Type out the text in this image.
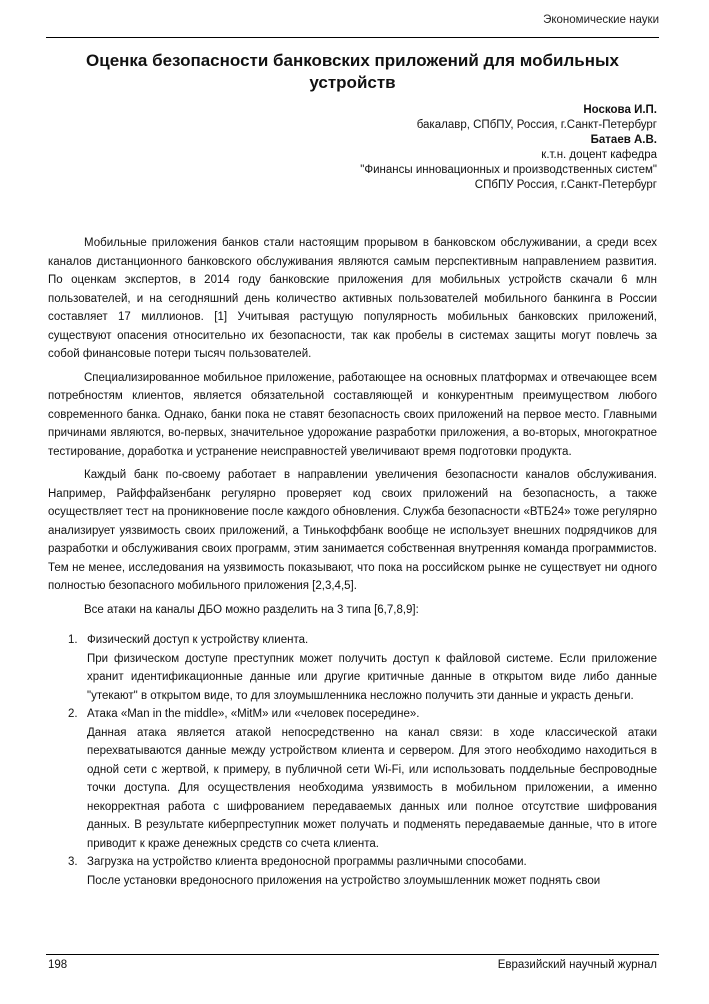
Экономические науки
Оценка безопасности банковских приложений для мобильных устройств
Носкова И.П.
бакалавр, СПбПУ, Россия, г.Санкт-Петербург
Батаев А.В.
к.т.н. доцент кафедра
"Финансы инновационных и производственных систем"
СПбПУ Россия, г.Санкт-Петербург

Мобильные приложения банков стали настоящим прорывом в банковском обслуживании, а среди всех каналов дистанционного банковского обслуживания являются самым перспективным направлением развития. По оценкам экспертов, в 2014 году банковские приложения для мобильных устройств скачали 6 млн пользователей, и на сегодняшний день количество активных пользователей мобильного банкинга в России составляет 17 миллионов. [1] Учитывая растущую популярность мобильных банковских приложений, существуют опасения относительно их безопасности, так как пробелы в системах защиты могут повлечь за собой финансовые потери тысяч пользователей.

Специализированное мобильное приложение, работающее на основных платформах и отвечающее всем потребностям клиентов, является обязательной составляющей и конкурентным преимуществом любого современного банка. Однако, банки пока не ставят безопасность своих приложений на первое место. Главными причинами являются, во-первых, значительное удорожание разработки приложения, а во-вторых, многократное тестирование, доработка и устранение неисправностей увеличивают время подготовки продукта.

Каждый банк по-своему работает в направлении увеличения безопасности каналов обслуживания. Например, Райффайзенбанк регулярно проверяет код своих приложений на безопасность, а также осуществляет тест на проникновение после каждого обновления. Служба безопасности «ВТБ24» тоже регулярно анализирует уязвимость своих приложений, а Тинькоффбанк вообще не использует внешних подрядчиков для разработки и обслуживания своих программ, этим занимается собственная внутренняя команда программистов. Тем не менее, исследования на уязвимость показывают, что пока на российском рынке не существует ни одного полностью безопасного мобильного приложения [2,3,4,5].

Все атаки на каналы ДБО можно разделить на 3 типа [6,7,8,9]:

1. Физический доступ к устройству клиента.
При физическом доступе преступник может получить доступ к файловой системе. Если приложение хранит идентификационные данные или другие критичные данные в открытом виде либо данные "утекают" в открытом виде, то для злоумышленника несложно получить эти данные и украсть деньги.
2. Атака «Man in the middle», «MitM» или «человек посередине».
Данная атака является атакой непосредственно на канал связи: в ходе классической атаки перехватываются данные между устройством клиента и сервером. Для этого необходимо находиться в одной сети с жертвой, к примеру, в публичной сети Wi-Fi, или использовать поддельные беспроводные точки доступа. Для осуществления необходима уязвимость в мобильном приложении, а именно некорректная работа с шифрованием передаваемых данных или полное отсутствие шифрования данных. В результате киберпреступник может получать и подменять передаваемые данные, что в итоге приводит к краже денежных средств со счета клиента.
3. Загрузка на устройство клиента вредоносной программы различными способами.
После установки вредоносного приложения на устройство злоумышленник может поднять свои
198	Евразийский научный журнал
